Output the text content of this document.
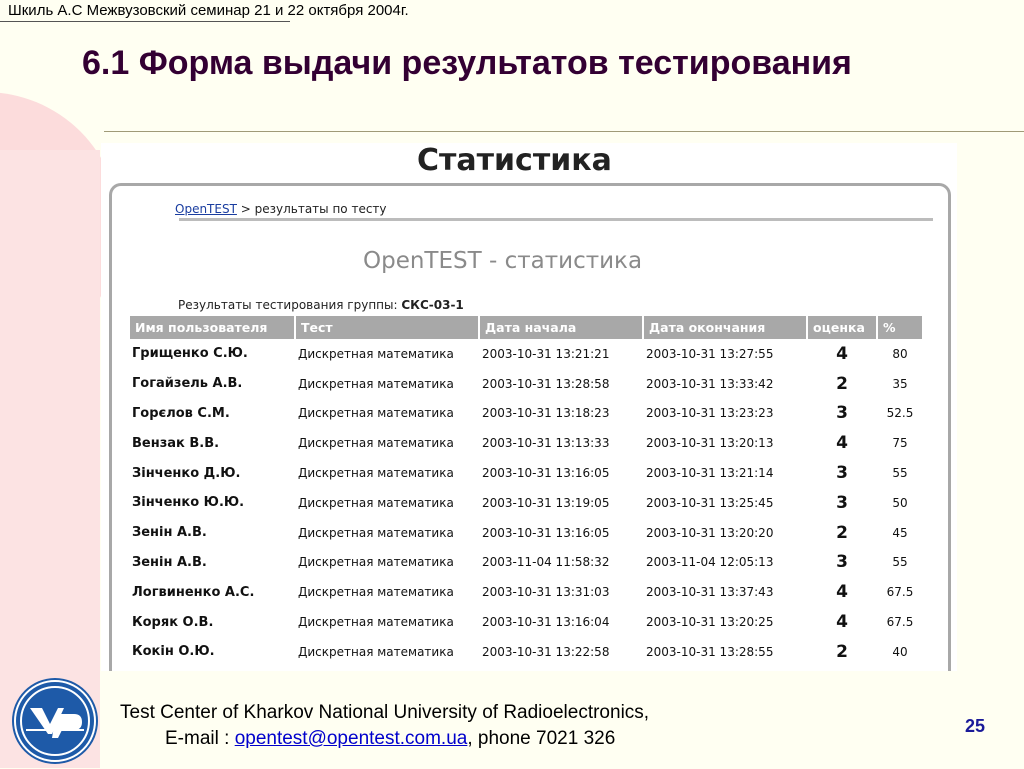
Шкиль А.С Межвузовский семинар 21 и 22 октября 2004г.
6.1 Форма выдачи результатов тестирования
Статистика
OpenTEST > результаты по тесту
OpenTEST - статистика
Результаты тестирования группы: СКС-03-1
Имя пользователя	Тест	Дата начала	Дата окончания	оценка	%
Грищенко С.Ю.	Дискретная математика	2003-10-31 13:21:21	2003-10-31 13:27:55	4	80
Гогайзель А.В.	Дискретная математика	2003-10-31 13:28:58	2003-10-31 13:33:42	2	35
Горєлов С.М.	Дискретная математика	2003-10-31 13:18:23	2003-10-31 13:23:23	3	52.5
Вензак В.В.	Дискретная математика	2003-10-31 13:13:33	2003-10-31 13:20:13	4	75
Зінченко Д.Ю.	Дискретная математика	2003-10-31 13:16:05	2003-10-31 13:21:14	3	55
Зінченко Ю.Ю.	Дискретная математика	2003-10-31 13:19:05	2003-10-31 13:25:45	3	50
Зенін А.В.	Дискретная математика	2003-10-31 13:16:05	2003-10-31 13:20:20	2	45
Зенін А.В.	Дискретная математика	2003-11-04 11:58:32	2003-11-04 12:05:13	3	55
Логвиненко А.С.	Дискретная математика	2003-10-31 13:31:03	2003-10-31 13:37:43	4	67.5
Коряк О.В.	Дискретная математика	2003-10-31 13:16:04	2003-10-31 13:20:25	4	67.5
Кокін О.Ю.	Дискретная математика	2003-10-31 13:22:58	2003-10-31 13:28:55	2	40
Test Center of Kharkov National University of Radioelectronics,
E-mail : opentest@opentest.com.ua, phone 7021 326
25
